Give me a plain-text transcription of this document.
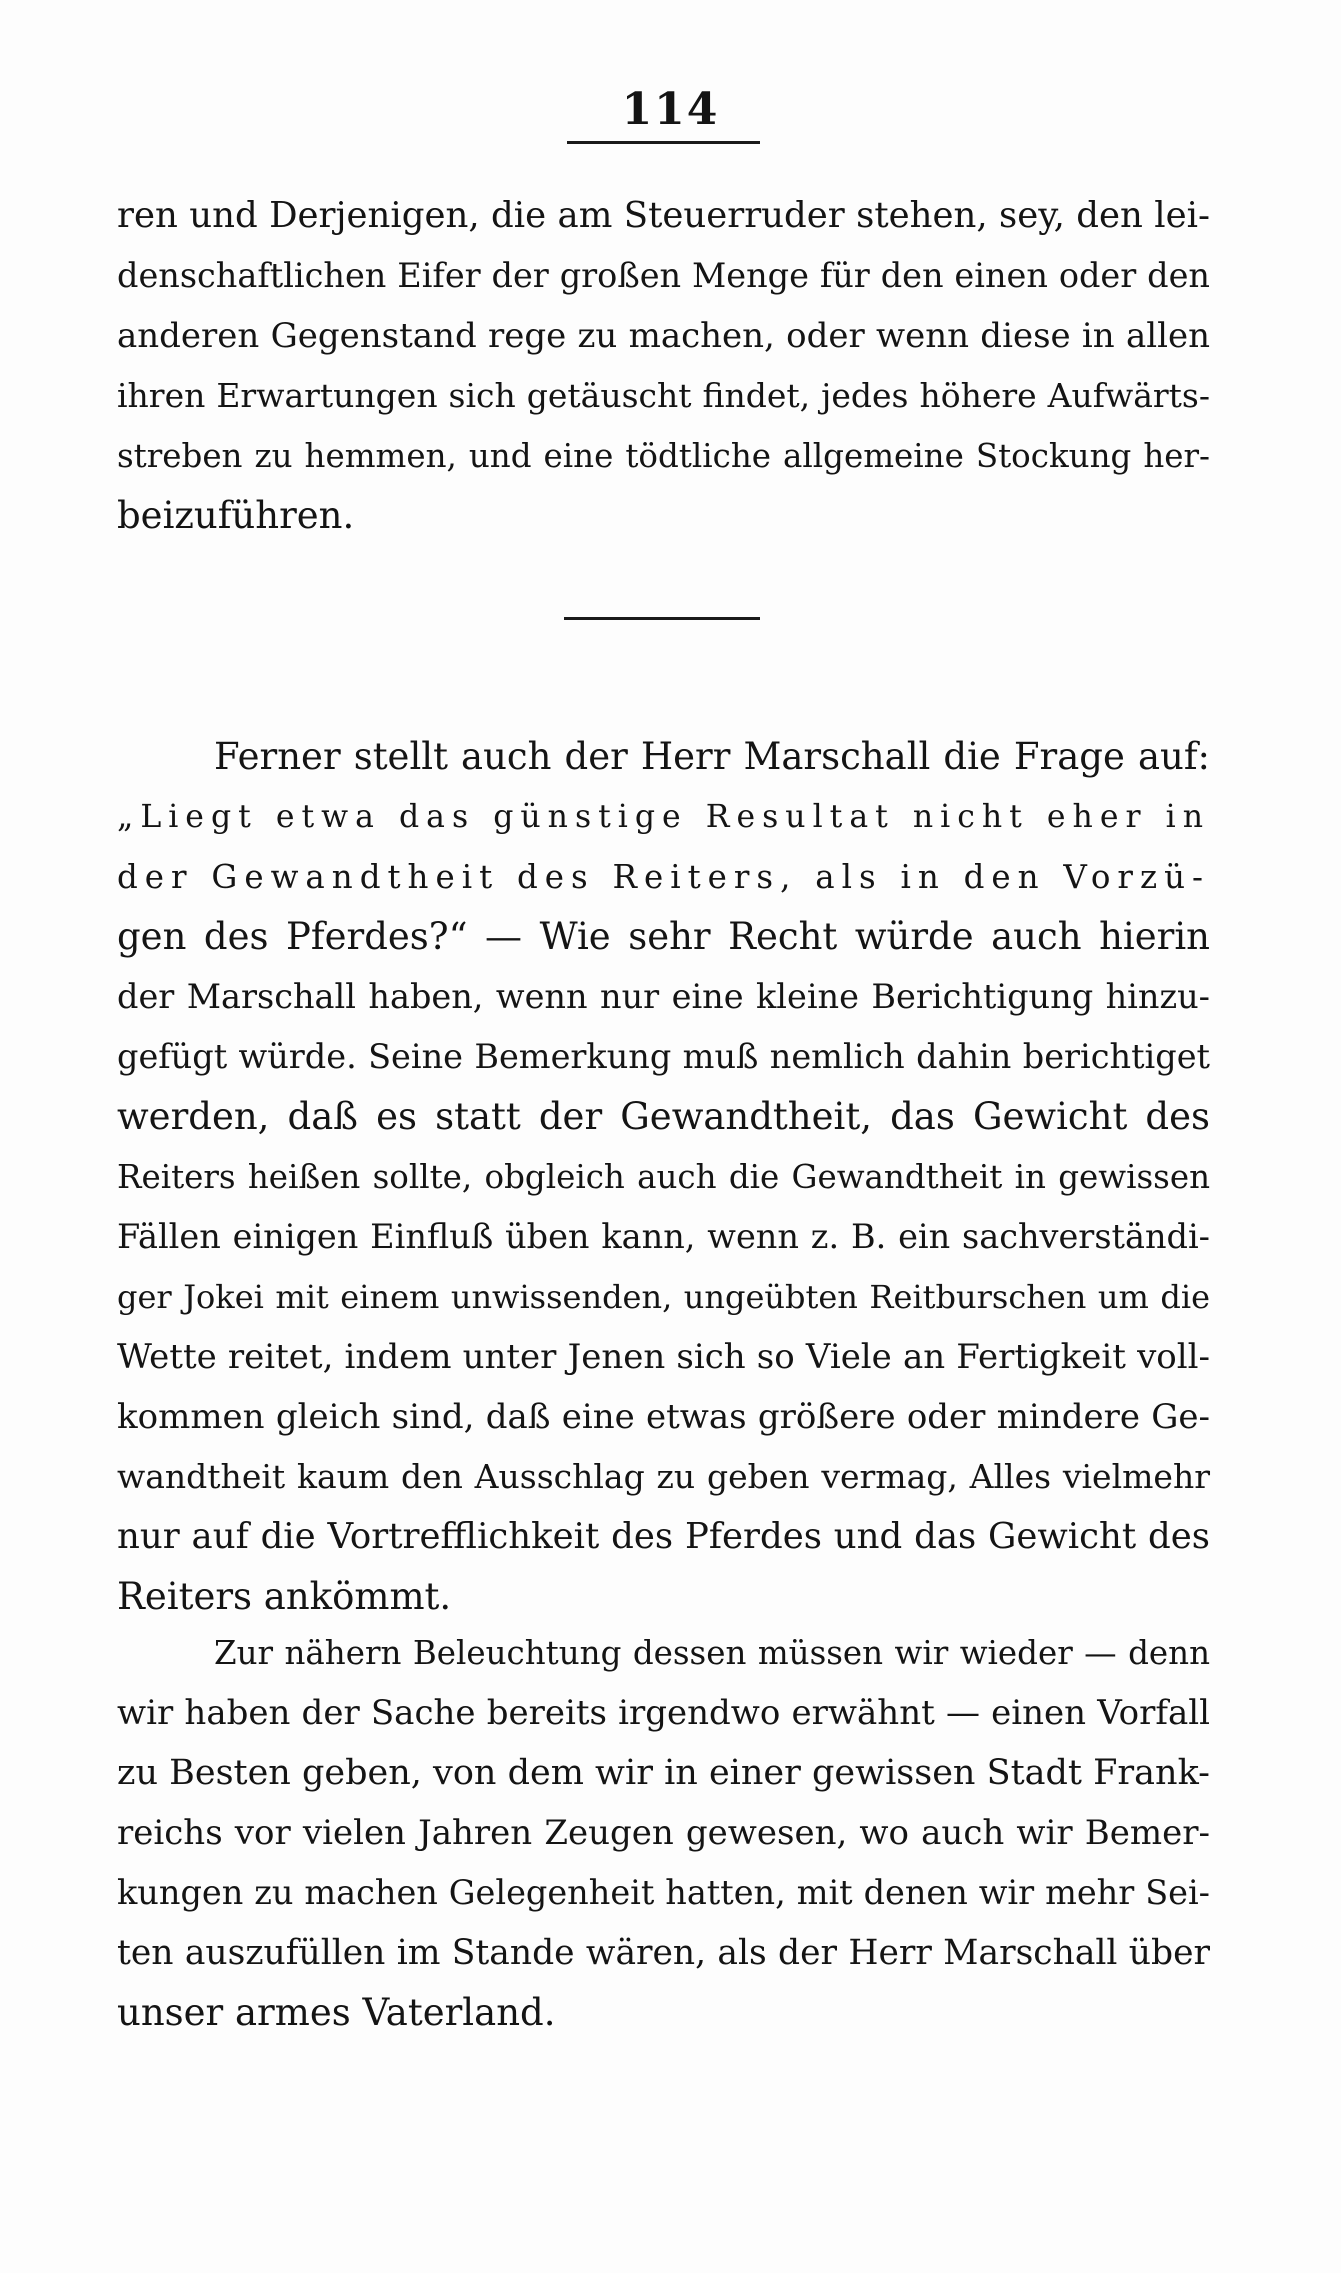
114
ren und Derjenigen, die am Steuerruder stehen, sey, den lei-
denschaftlichen Eifer der großen Menge für den einen oder den
anderen Gegenstand rege zu machen, oder wenn diese in allen
ihren Erwartungen sich getäuscht findet, jedes höhere Aufwärts-
streben zu hemmen, und eine tödtliche allgemeine Stockung her-
beizuführen.
Ferner stellt auch der Herr Marschall die Frage auf:
„Liegt etwa das günstige Resultat nicht eher in
der Gewandtheit des Reiters, als in den Vorzü-
gen des Pferdes?“ — Wie sehr Recht würde auch hierin
der Marschall haben, wenn nur eine kleine Berichtigung hinzu-
gefügt würde. Seine Bemerkung muß nemlich dahin berichtiget
werden, daß es statt der Gewandtheit, das Gewicht des
Reiters heißen sollte, obgleich auch die Gewandtheit in gewissen
Fällen einigen Einfluß üben kann, wenn z. B. ein sachverständi-
ger Jokei mit einem unwissenden, ungeübten Reitburschen um die
Wette reitet, indem unter Jenen sich so Viele an Fertigkeit voll-
kommen gleich sind, daß eine etwas größere oder mindere Ge-
wandtheit kaum den Ausschlag zu geben vermag, Alles vielmehr
nur auf die Vortrefflichkeit des Pferdes und das Gewicht des
Reiters ankömmt.
Zur nähern Beleuchtung dessen müssen wir wieder — denn
wir haben der Sache bereits irgendwo erwähnt — einen Vorfall
zu Besten geben, von dem wir in einer gewissen Stadt Frank-
reichs vor vielen Jahren Zeugen gewesen, wo auch wir Bemer-
kungen zu machen Gelegenheit hatten, mit denen wir mehr Sei-
ten auszufüllen im Stande wären, als der Herr Marschall über
unser armes Vaterland.
